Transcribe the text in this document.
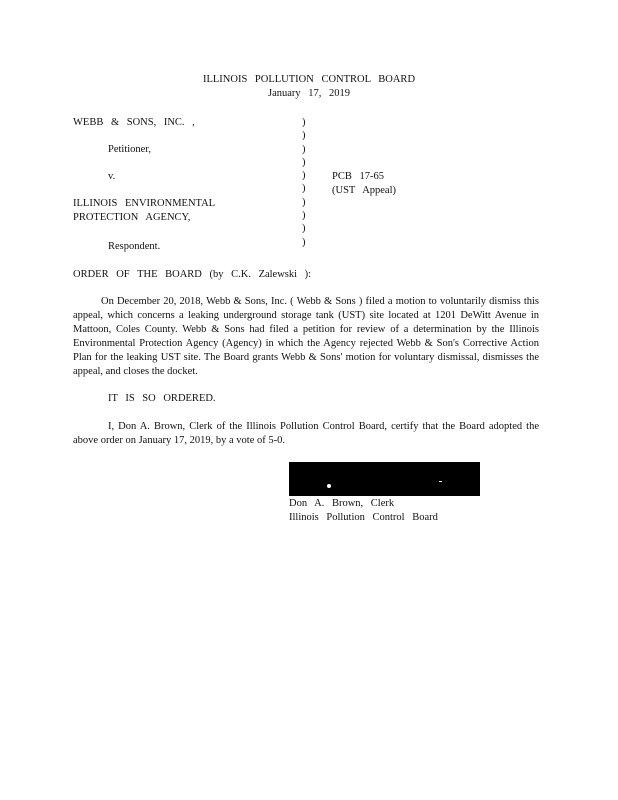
ILLINOIS POLLUTION CONTROL BOARD
January 17, 2019
WEBB & SONS, INC. ,
Petitioner,
v.
ILLINOIS ENVIRONMENTAL
PROTECTION AGENCY,
Respondent.
)
)
)
)
)
)
)
)
)
)
PCB 17-65
(UST Appeal)
ORDER OF THE BOARD (by C.K. Zalewski ):
On December 20, 2018, Webb & Sons, Inc. ( Webb & Sons ) filed a motion to voluntarily dismiss this appeal, which concerns a leaking underground storage tank (UST) site located at 1201 DeWitt Avenue in Mattoon, Coles County. Webb & Sons had filed a petition for review of a determination by the Illinois Environmental Protection Agency (Agency) in which the Agency rejected Webb & Son's Corrective Action Plan for the leaking UST site. The Board grants Webb & Sons' motion for voluntary dismissal, dismisses the appeal, and closes the docket.
IT IS SO ORDERED.
I, Don A. Brown, Clerk of the Illinois Pollution Control Board, certify that the Board adopted the above order on January 17, 2019, by a vote of 5-0.
Don A. Brown, Clerk
Illinois Pollution Control Board
